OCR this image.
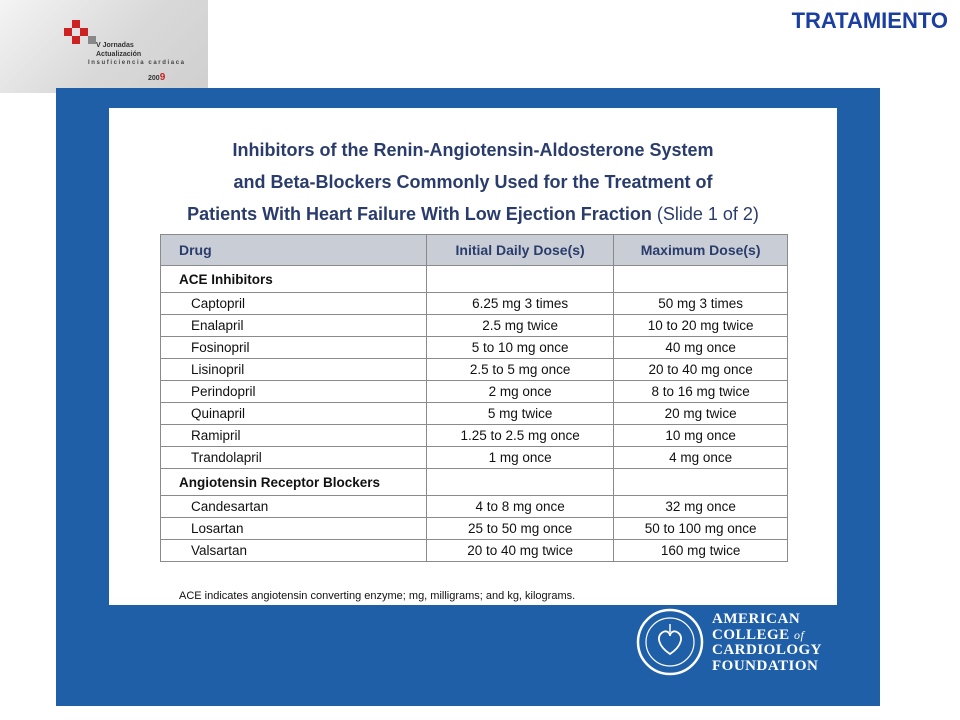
V Jornadas
Actualización
Insuficiencia cardiaca
2009
TRATAMIENTO
Inhibitors of the Renin-Angiotensin-Aldosterone System
and Beta-Blockers Commonly Used for the Treatment of
Patients With Heart Failure With Low Ejection Fraction (Slide 1 of 2)
Drug	Initial Daily Dose(s)	Maximum Dose(s)
ACE Inhibitors		
Captopril	6.25 mg 3 times	50 mg 3 times
Enalapril	2.5 mg twice	10 to 20 mg twice
Fosinopril	5 to 10 mg once	40 mg once
Lisinopril	2.5 to 5 mg once	20 to 40 mg once
Perindopril	2 mg once	8 to 16 mg twice
Quinapril	5 mg twice	20 mg twice
Ramipril	1.25 to 2.5 mg once	10 mg once
Trandolapril	1 mg once	4 mg once
Angiotensin Receptor Blockers		
Candesartan	4 to 8 mg once	32 mg once
Losartan	25 to 50 mg once	50 to 100 mg once
Valsartan	20 to 40 mg twice	160 mg twice
ACE indicates angiotensin converting enzyme; mg, milligrams; and kg, kilograms.
AMERICAN
COLLEGE of
CARDIOLOGY
FOUNDATION
